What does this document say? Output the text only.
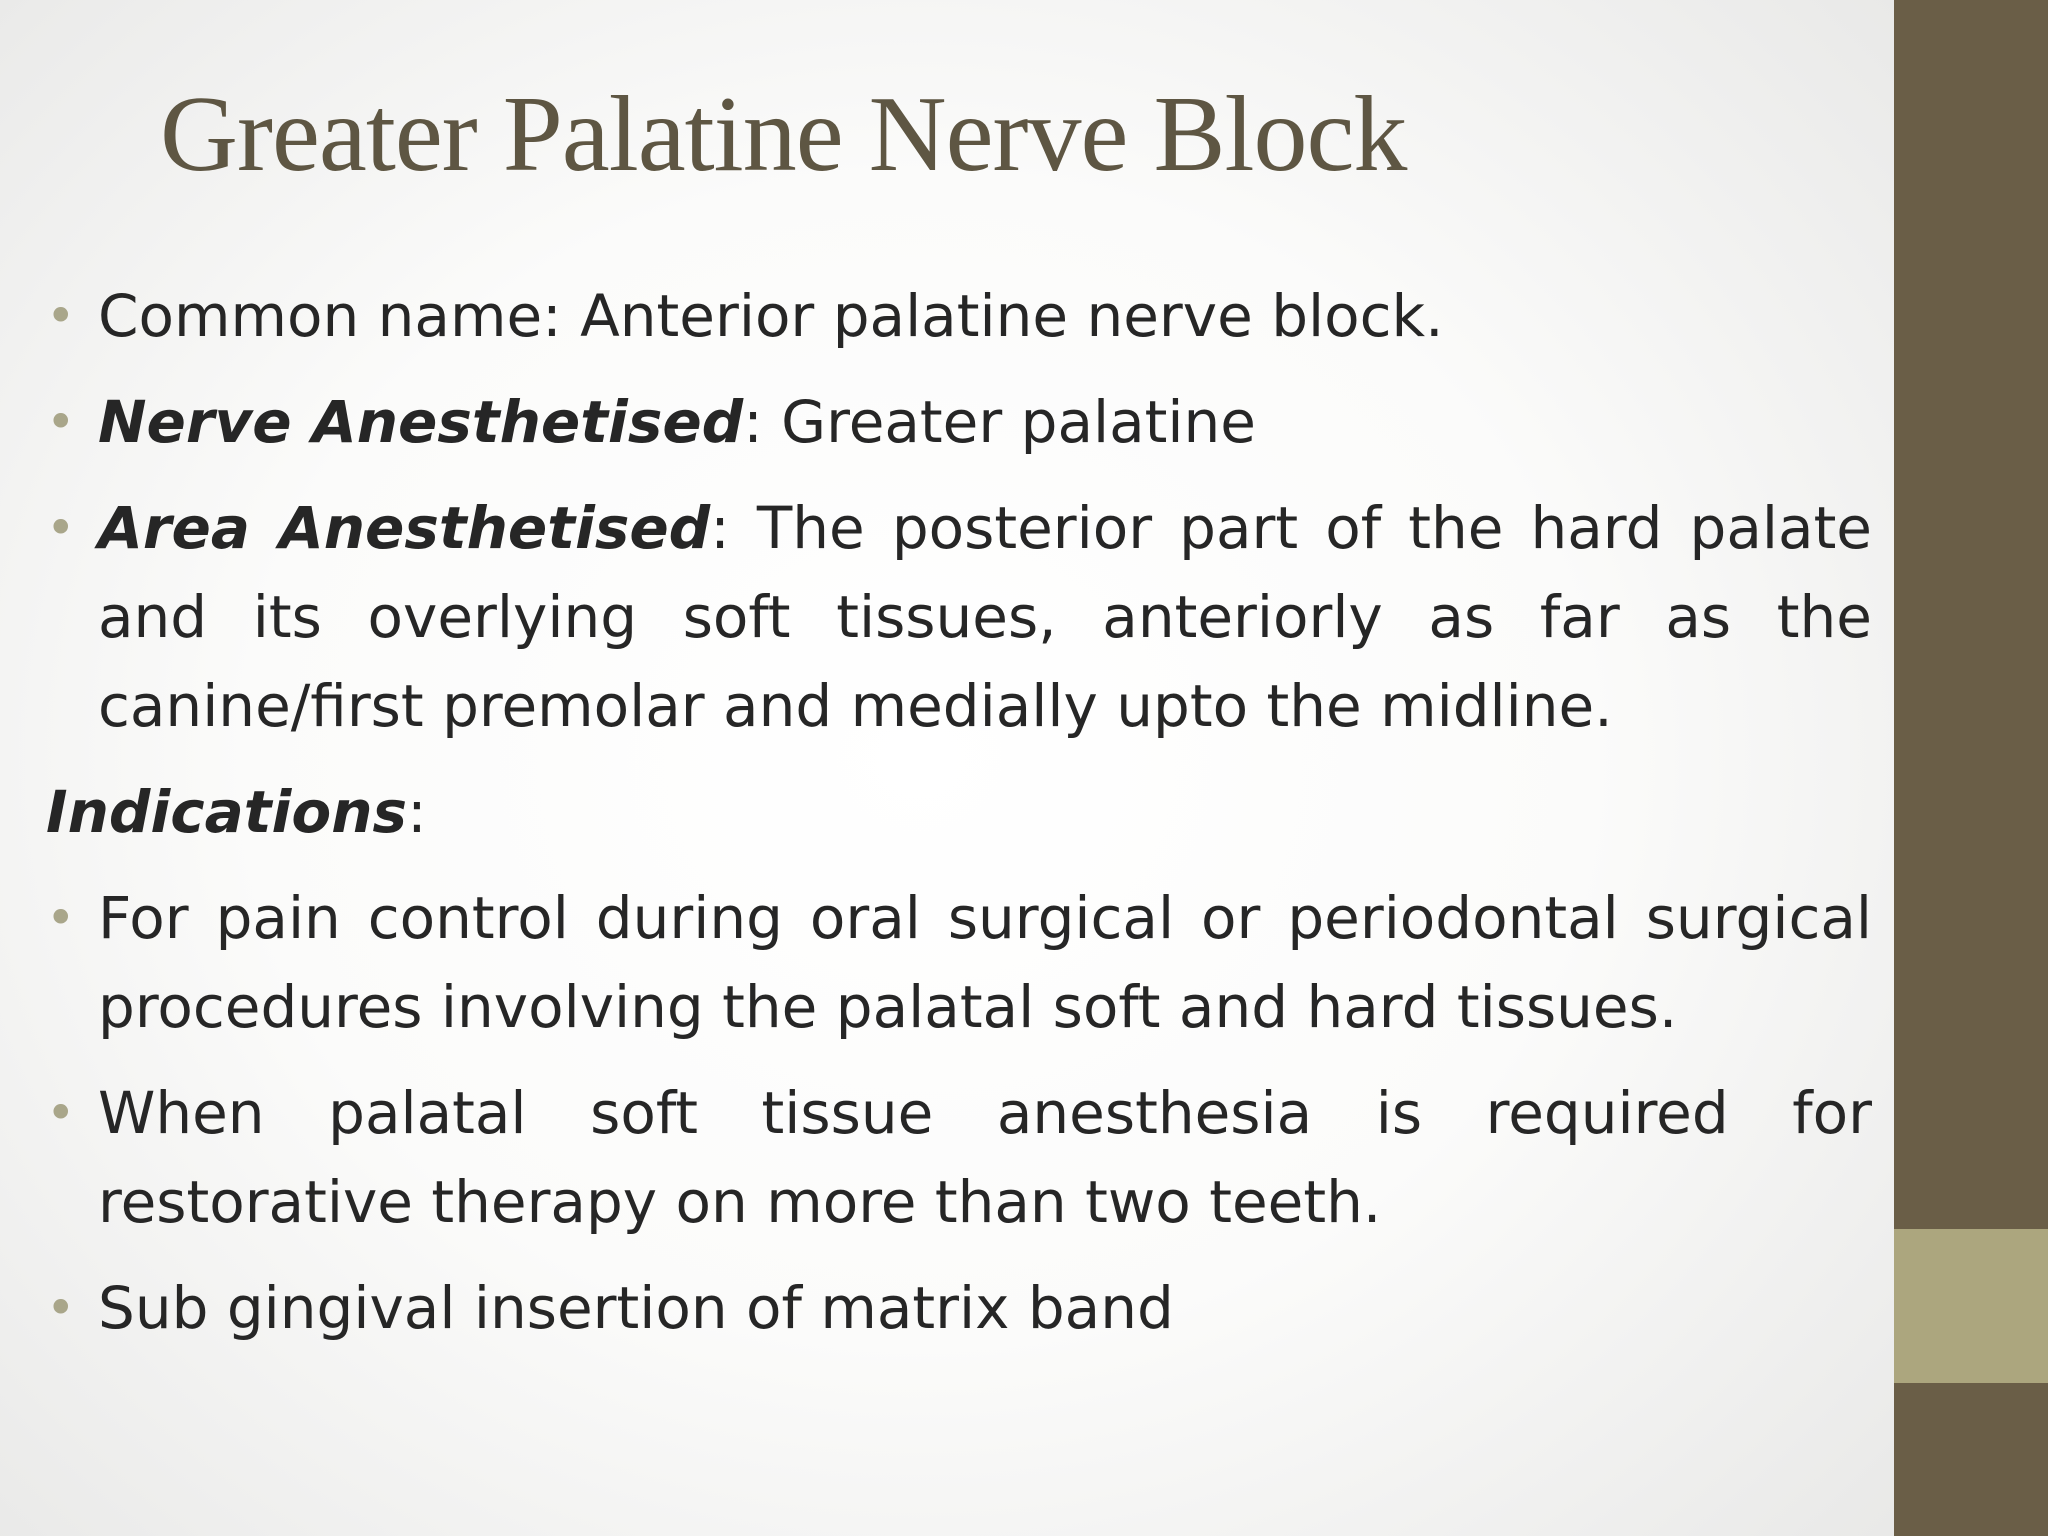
Greater Palatine Nerve Block
• Common name: Anterior palatine nerve block.
• Nerve Anesthetised: Greater palatine
• Area Anesthetised: The posterior part of the hard palate and its overlying soft tissues, anteriorly as far as the canine/first premolar and medially upto the midline.
Indications:
• For pain control during oral surgical or periodontal surgical procedures involving the palatal soft and hard tissues.
• When palatal soft tissue anesthesia is required for restorative therapy on more than two teeth.
• Sub gingival insertion of matrix band
